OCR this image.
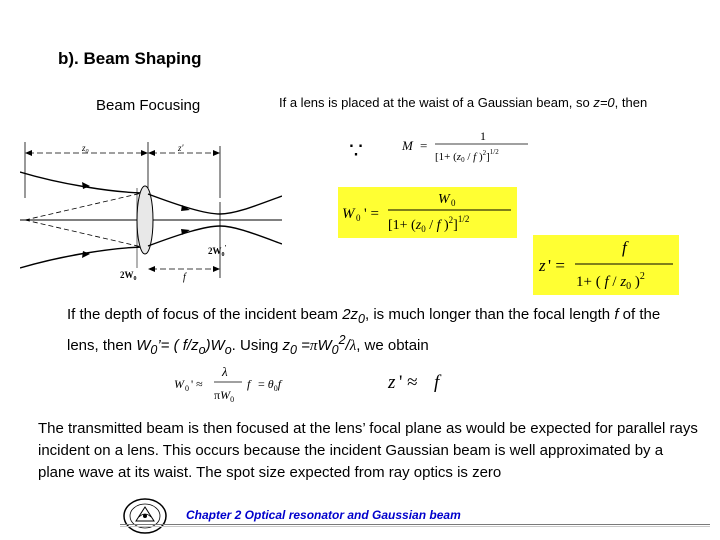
b). Beam Shaping
Beam Focusing	If a lens is placed at the waist of a Gaussian beam, so z=0, then
∵
$z_0$	z'
$2W_0'$
$2W_0$	f
M =
1
[1+ (z0 / f )$^2$]$^{1/2}$
W 0 ' =
W 0
[$1+ (z_0 / f$ )$^2$]$^{1/2}$
z ' =
f
1+ ( f / $z_0$ )$^2$
If the depth of focus of the incident beam $2z_0$, is much longer than the focal length f of the lens, then $W_0’=$ ( $f/z_o)W_o$. Using $z_0 =\pi W_0^2/\lambda$, we obtain
W 0 ' ≈
λ
$\pi W_0$
$f = \theta_0f$	z ' ≈ f
The transmitted beam is then focused at the lens’ focal plane as would be expected for parallel rays incident on a lens. This occurs because the incident Gaussian beam is well approximated by a plane wave at its waist. The spot size expected from ray optics is zero
Chapter 2 Optical resonator and Gaussian beam
